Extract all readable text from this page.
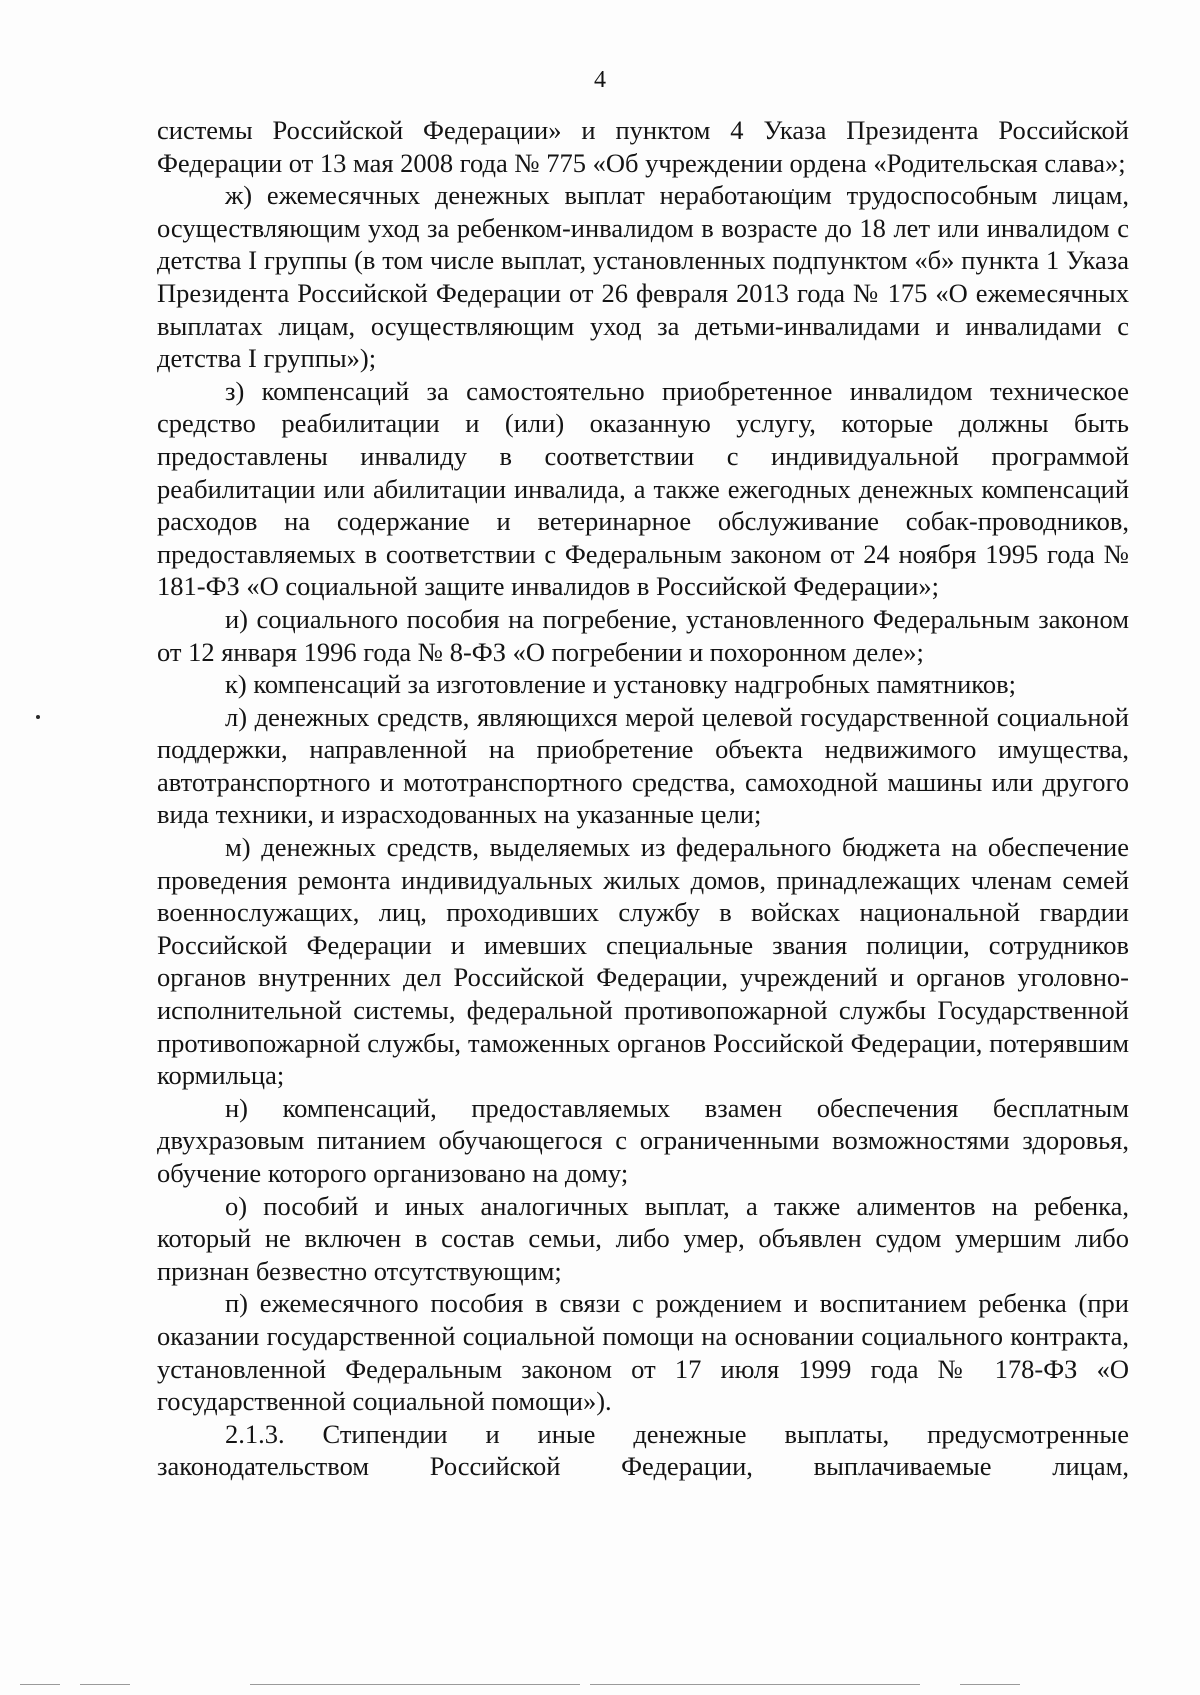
4

системы Российской Федерации» и пунктом 4 Указа Президента Российской Федерации от 13 мая 2008 года № 775 «Об учреждении ордена «Родительская слава»;

ж) ежемесячных денежных выплат неработающим трудоспособным лицам, осуществляющим уход за ребенком-инвалидом в возрасте до 18 лет или инвалидом с детства I группы (в том числе выплат, установленных подпунктом «б» пункта 1 Указа Президента Российской Федерации от 26 февраля 2013 года № 175 «О ежемесячных выплатах лицам, осуществляющим уход за детьми-инвалидами и инвалидами с детства I группы»);

з) компенсаций за самостоятельно приобретенное инвалидом техническое средство реабилитации и (или) оказанную услугу, которые должны быть предоставлены инвалиду в соответствии с индивидуальной программой реабилитации или абилитации инвалида, а также ежегодных денежных компенсаций расходов на содержание и ветеринарное обслуживание собак-проводников, предоставляемых в соответствии с Федеральным законом от 24 ноября 1995 года № 181-ФЗ «О социальной защите инвалидов в Российской Федерации»;

и) социального пособия на погребение, установленного Федеральным законом от 12 января 1996 года № 8-ФЗ «О погребении и похоронном деле»;

к) компенсаций за изготовление и установку надгробных памятников;

л) денежных средств, являющихся мерой целевой государственной социальной поддержки, направленной на приобретение объекта недвижимого имущества, автотранспортного и мототранспортного средства, самоходной машины или другого вида техники, и израсходованных на указанные цели;

м) денежных средств, выделяемых из федерального бюджета на обеспечение проведения ремонта индивидуальных жилых домов, принадлежащих членам семей военнослужащих, лиц, проходивших службу в войсках национальной гвардии Российской Федерации и имевших специальные звания полиции, сотрудников органов внутренних дел Российской Федерации, учреждений и органов уголовно-исполнительной системы, федеральной противопожарной службы Государственной противопожарной службы, таможенных органов Российской Федерации, потерявшим кормильца;

н) компенсаций, предоставляемых взамен обеспечения бесплатным двухразовым питанием обучающегося с ограниченными возможностями здоровья, обучение которого организовано на дому;

о) пособий и иных аналогичных выплат, а также алиментов на ребенка, который не включен в состав семьи, либо умер, объявлен судом умершим либо признан безвестно отсутствующим;

п) ежемесячного пособия в связи с рождением и воспитанием ребенка (при оказании государственной социальной помощи на основании социального контракта, установленной Федеральным законом от 17 июля 1999 года № 178-ФЗ «О государственной социальной помощи»).

2.1.3. Стипендии и иные денежные выплаты, предусмотренные законодательством Российской Федерации, выплачиваемые лицам,
